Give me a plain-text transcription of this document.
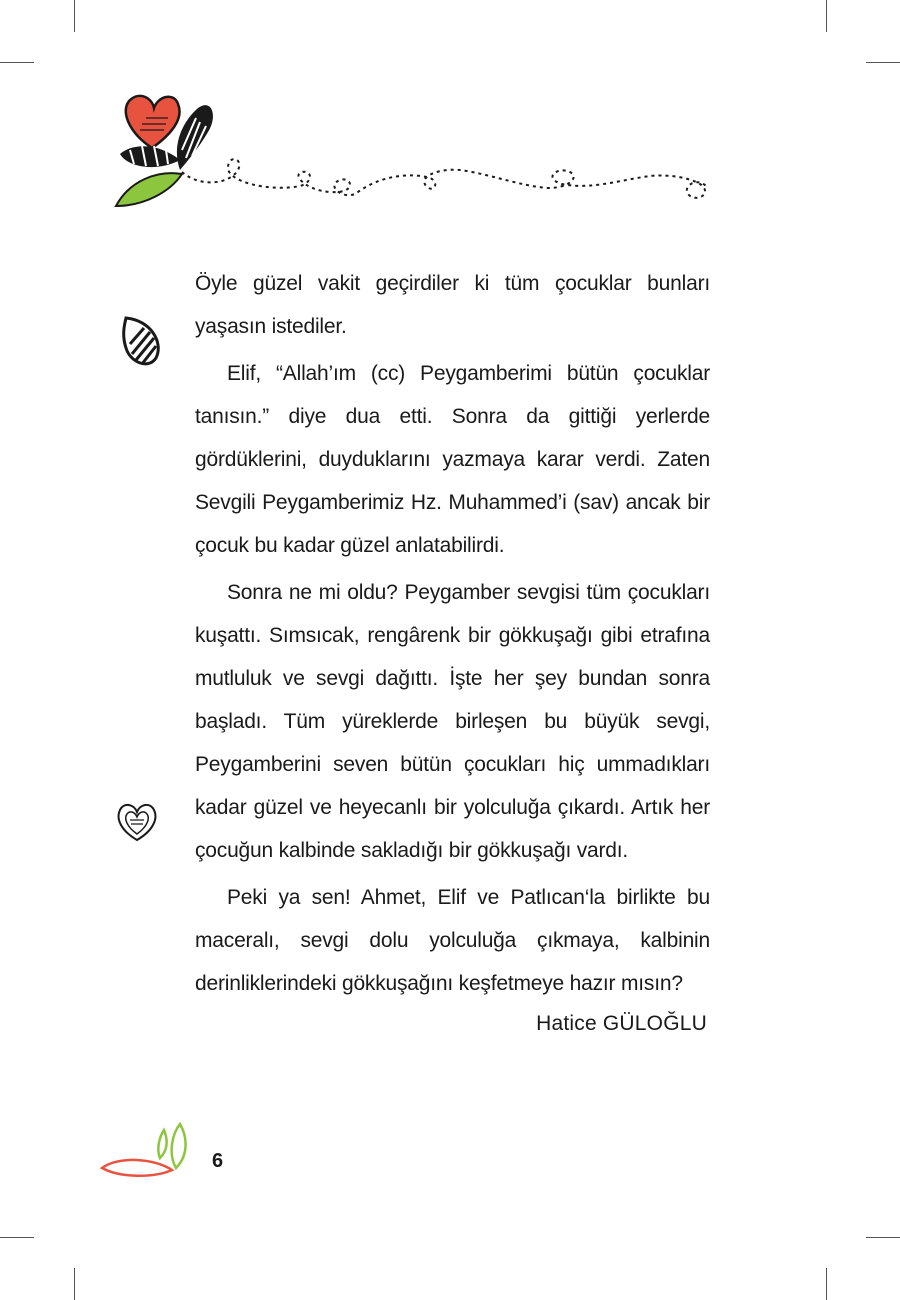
Öyle güzel vakit geçirdiler ki tüm çocuklar bunları yaşasın istediler.

Elif, “Allah’ım (cc) Peygamberimi bütün çocuklar tanısın.” diye dua etti. Sonra da gittiği yerlerde gördüklerini, duyduklarını yazmaya karar verdi. Zaten Sevgili Peygamberimiz Hz. Muhammed’i (sav) ancak bir çocuk bu kadar güzel anlatabilirdi.

Sonra ne mi oldu? Peygamber sevgisi tüm çocukları kuşattı. Sımsıcak, rengârenk bir gökkuşağı gibi etrafına mutluluk ve sevgi dağıttı. İşte her şey bundan sonra başladı. Tüm yüreklerde birleşen bu büyük sevgi, Peygamberini seven bütün çocukları hiç ummadıkları kadar güzel ve heyecanlı bir yolculuğa çıkardı. Artık her çocuğun kalbinde sakladığı bir gökkuşağı vardı.

Peki ya sen! Ahmet, Elif ve Patlıcan‘la birlikte bu maceralı, sevgi dolu yolculuğa çıkmaya, kalbinin derinliklerindeki gökkuşağını keşfetmeye hazır mısın?

Hatice GÜLOĞLU
6
